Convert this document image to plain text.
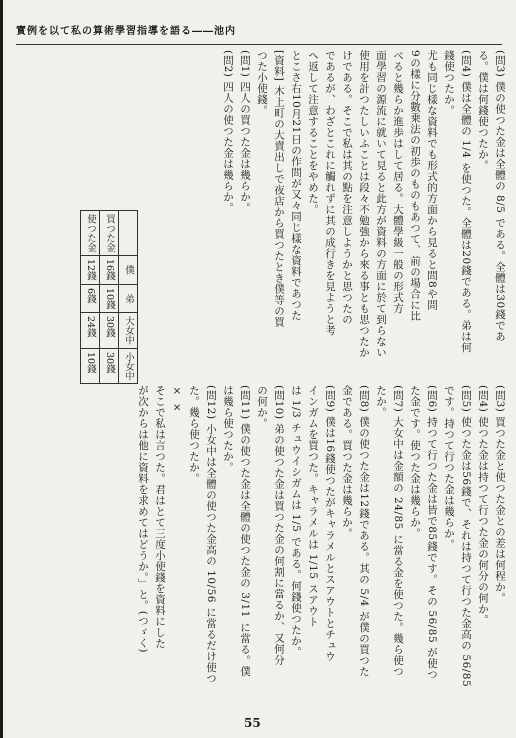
實例を以て私の算術學習指導を語る――池内

(問3) 僕の使つた金は全體の 8/5 である。全體は30錢であ

る。僕は何錢使つたか。

(問4) 僕は全體の 1/4 を使つた。全體は20錢である。弟は何

錢使つたか。

尤も同じ樣な資料でも形式的方面から見ると問8や問

9の樣に分數乗法の初歩のものもあつて、前の場合に比

べると幾らか進歩はして居る。大體學級一般の形式方

面學習の源流に就いて見ると此方が資料の方面に於て到らない

使用を計つたしいふことは段々不勉強から來る事とも思つたか

けである。そこで私は其の點を注意しようかと思つたの

であるが、わざとこれに觸れずに其の成行きを見ようと考

へ返して注意することをやめた。

とこさ右10月21日の作問が又々同じ樣な資料であつた

[資料] 木上町の大賣出しで夜店から買つたとき僕等の買

つた小使錢。

(問1) 四人の買つた金は幾らか。

(問2) 四人の使つた金は幾らか。

	僕	弟	大女中	小女中
買つた金	16錢	10錢	30錢	30錢
使つた金	12錢	6錢	24錢	10錢

(問3) 買つた金と使つた金との差は何程か。

(問4) 使つた金は持つて行つた金の何分の何か。

(問5) 使つた金は56錢で、それは持つて行つた金高の 56/85

です。持つて行つた金は幾らか。

(問6) 持つて行つた金は皆で85錢です。その 56/85 が使つ

た金です。使つた金は幾らか。

(問7) 大女中は金額の 24/85 に當る金を使つた。幾ら使つ

たか。

(問8) 僕の使つた金は12錢である。其の 5/4 が僕の買つた

金である。買つた金は幾らか。

(問9) 僕は16錢使つたがキャラメルとスアウトとチュウ

インガムを買つた。キャラメルは 1/15 スアウト

は 1/3 チュウイシガムは 1/5 である。何錢使つたか。

(問10) 弟の使つた金は買つた金の何割に當るか、又何分

の何か。

(問11) 僕の使つた金は全體の使つた金の 3/11 に當る。僕

は幾ら使つたか。

(問12) 小女中は全體の使つた金高の 10/56 に當るだけ使つ

た。幾ら使つたか。

× ×

そこで私は言つた。君はとて三度小使錢を資料にした

が次からは他に資料を求めてはどうか。」と。(つゞく)

55
